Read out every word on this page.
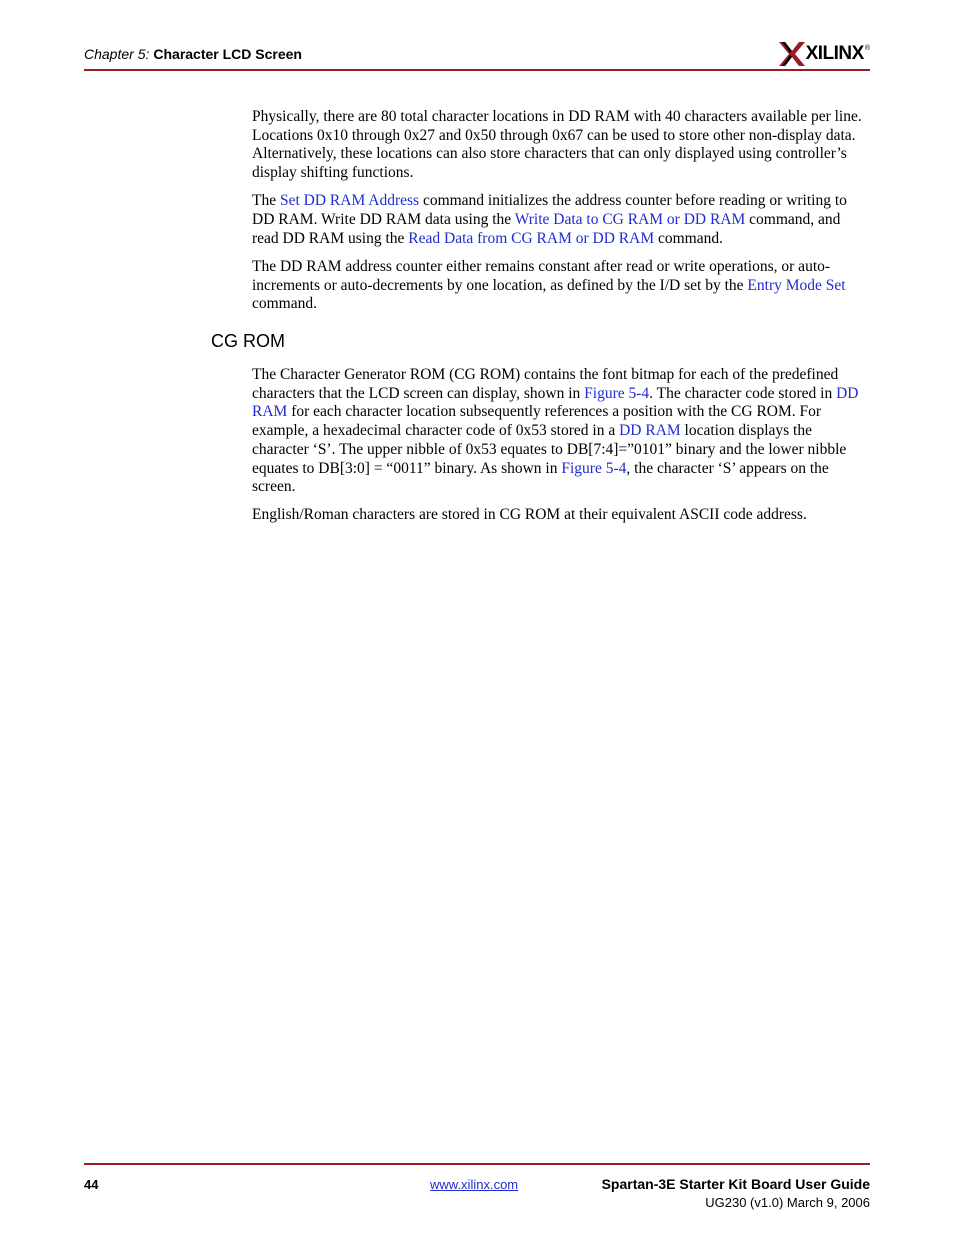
Chapter 5: Character LCD Screen	XILINX ®

Physically, there are 80 total character locations in DD RAM with 40 characters available per line. Locations 0x10 through 0x27 and 0x50 through 0x67 can be used to store other non-display data. Alternatively, these locations can also store characters that can only displayed using controller’s display shifting functions.

The Set DD RAM Address command initializes the address counter before reading or writing to DD RAM. Write DD RAM data using the Write Data to CG RAM or DD RAM command, and read DD RAM using the Read Data from CG RAM or DD RAM command.

The DD RAM address counter either remains constant after read or write operations, or auto-increments or auto-decrements by one location, as defined by the I/D set by the Entry Mode Set command.

CG ROM

The Character Generator ROM (CG ROM) contains the font bitmap for each of the predefined characters that the LCD screen can display, shown in Figure 5-4. The character code stored in DD RAM for each character location subsequently references a position with the CG ROM. For example, a hexadecimal character code of 0x53 stored in a DD RAM location displays the character ‘S’. The upper nibble of 0x53 equates to DB[7:4]=”0101” binary and the lower nibble equates to DB[3:0] = “0011” binary. As shown in Figure 5-4, the character ‘S’ appears on the screen.

English/Roman characters are stored in CG ROM at their equivalent ASCII code address.

44	www.xilinx.com	Spartan-3E Starter Kit Board User Guide
UG230 (v1.0) March 9, 2006
